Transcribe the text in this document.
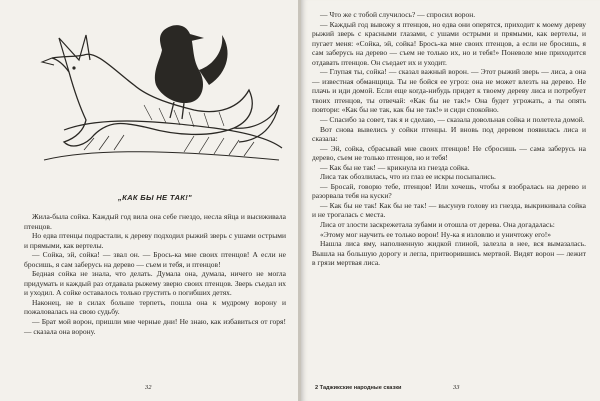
„КАК БЫ НЕ ТАК!"

Жила-была сойка. Каждый год вила она себе гнездо, несла яйца и высиживала птенцов.

Но едва птенцы подрастали, к дереву подходил рыжий зверь с ушами острыми и прямыми, как вертелы.

— Сойка, эй, сойка! — звал он. — Брось-ка мне своих птенцов! А если не бросишь, я сам заберусь на дерево — съем и тебя, и птенцов!

Бедная сойка не знала, что делать. Думала она, думала, ничего не могла придумать и каждый раз отдавала рыжему зверю своих птенцов. Зверь съедал их и уходил. А сойке оставалось только грустить о погибших детях.

Наконец, не в силах больше терпеть, пошла она к мудрому ворону и пожаловалась на свою судьбу.

— Брат мой ворон, пришли мне черные дни! Не знаю, как избавиться от горя! — сказала она ворону.

32

— Что же с тобой случилось? — спросил ворон.

— Каждый год вывожу я птенцов, но едва они оперятся, приходит к моему дереву рыжий зверь с красными глазами, с ушами острыми и прямыми, как вертелы, и пугает меня: «Сойка, эй, сойка! Брось-ка мне своих птенцов, а если не бросишь, я сам заберусь на дерево — съем не только их, но и тебя!» Поневоле мне приходится отдавать птенцов. Он съедает их и уходит.

— Глупая ты, сойка! — сказал важный ворон. — Этот рыжий зверь — лиса, а она — известная обманщица. Ты не бойся ее угроз: она не может влезть на дерево. Не плачь и иди домой. Если еще когда-нибудь придет к твоему дереву лиса и потребует твоих птенцов, ты отвечай: «Как бы не так!» Она будет угрожать, а ты опять повтори: «Как бы не так, как бы не так!» и сиди спокойно.

— Спасибо за совет, так я и сделаю, — сказала довольная сойка и полетела домой.

Вот снова вывелись у сойки птенцы. И вновь под деревом появилась лиса и сказала:

— Эй, сойка, сбрасывай мне своих птенцов! Не сбросишь — сама заберусь на дерево, съем не только птенцов, но и тебя!

— Как бы не так! — крикнула из гнезда сойка.

Лиса так обозлилась, что из глаз ее искры посыпались.

— Бросай, говорю тебе, птенцов! Или хочешь, чтобы я взобралась на дерево и разорвала тебя на куски?

— Как бы не так! Как бы не так! — высунув голову из гнезда, выкрикивала сойка и не трогалась с места.

Лиса от злости заскрежетала зубами и отошла от дерева. Она догадалась:

«Этому мог научить ее только ворон! Ну-ка я изловлю и уничтожу его!»

Нашла лиса яму, наполненную жидкой глиной, залезла в нее, вся вымазалась. Вышла на большую дорогу и легла, притворившись мертвой. Видят ворон — лежит в грязи мертвая лиса.

2 Таджикские народные сказки	33
